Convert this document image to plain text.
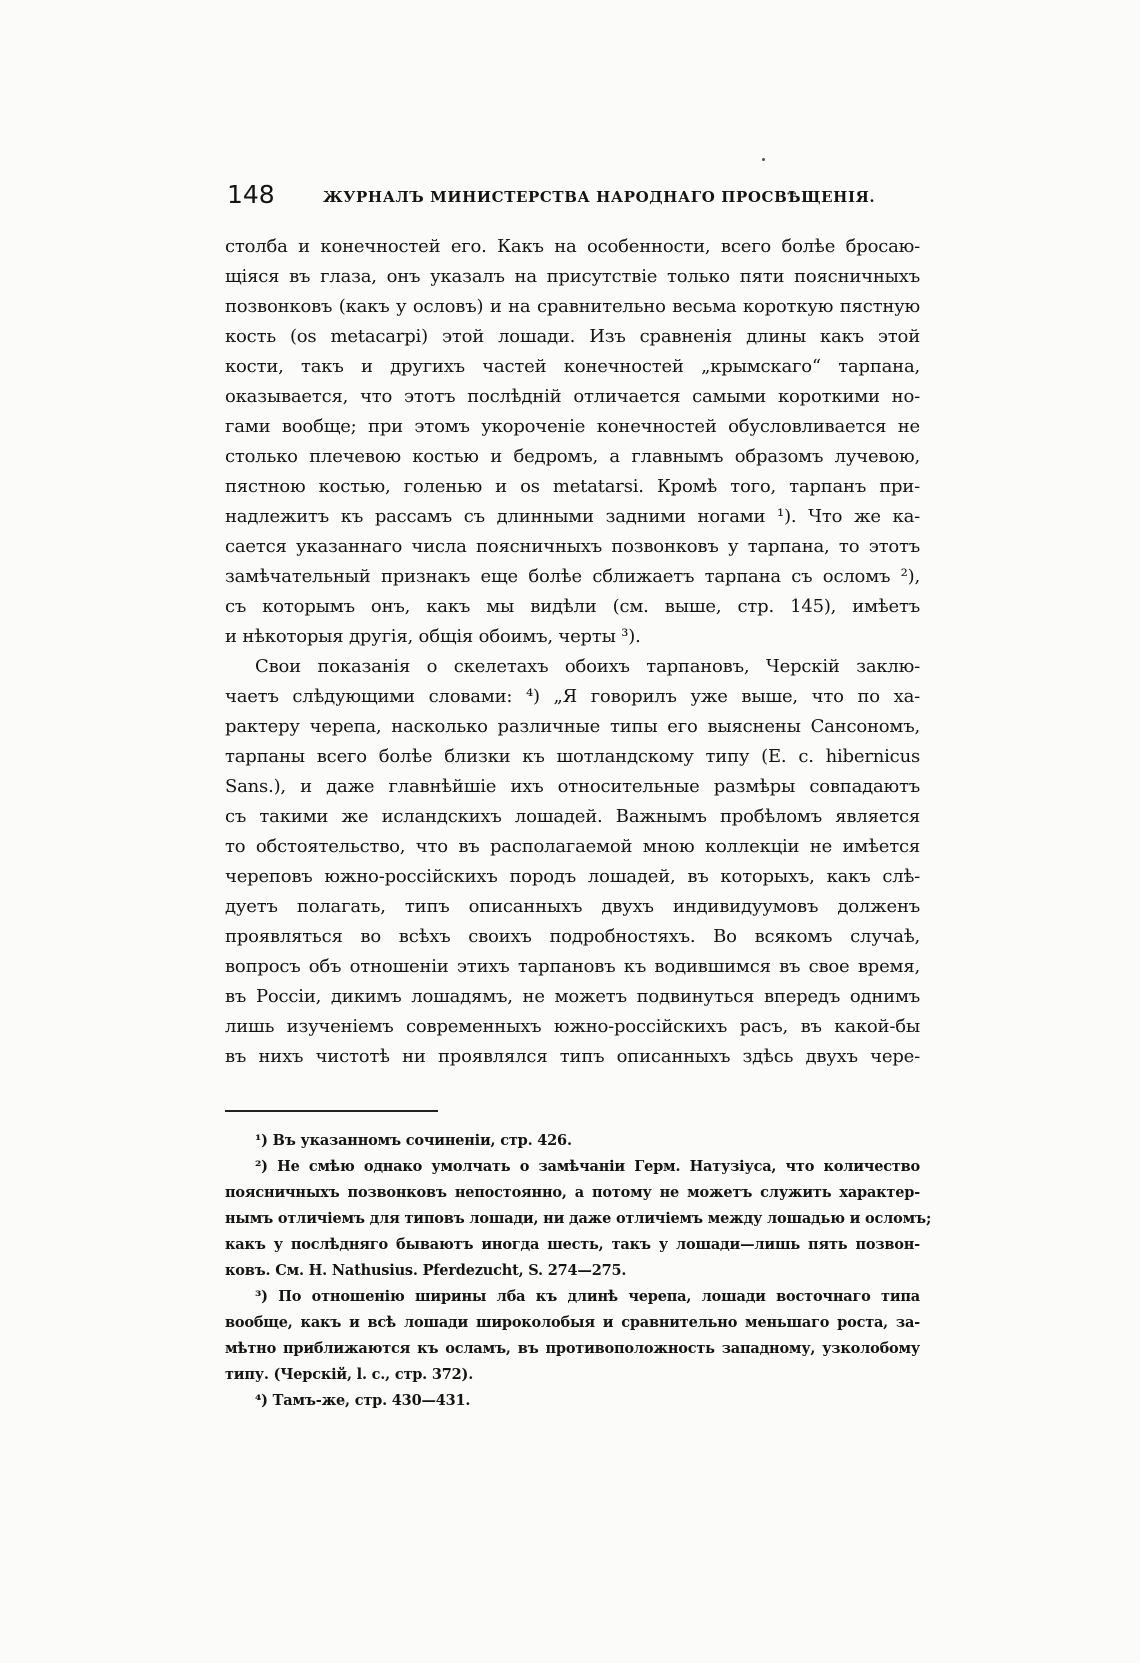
148	ЖУРНАЛЪ МИНИСТЕРСТВА НАРОДНАГО ПРОСВѢЩЕНІЯ.
столба и конечностей его. Какъ на особенности, всего болѣе бросаю-
щіяся въ глаза, онъ указалъ на присутствіе только пяти поясничныхъ
позвонковъ (какъ у ословъ) и на сравнительно весьма короткую пястную
кость (os metacarpi) этой лошади. Изъ сравненія длины какъ этой
кости, такъ и другихъ частей конечностей „крымскаго“ тарпана,
оказывается, что этотъ послѣдній отличается самыми короткими но-
гами вообще; при этомъ укороченіе конечностей обусловливается не
столько плечевою костью и бедромъ, а главнымъ образомъ лучевою,
пястною костью, голенью и os metatarsi. Кромѣ того, тарпанъ при-
надлежитъ къ рассамъ съ длинными задними ногами ¹). Что же ка-
сается указаннаго числа поясничныхъ позвонковъ у тарпана, то этотъ
замѣчательный признакъ еще болѣе сближаетъ тарпана съ осломъ ²),
съ которымъ онъ, какъ мы видѣли (см. выше, стр. 145), имѣетъ
и нѣкоторыя другія, общія обоимъ, черты ³).
Свои показанія о скелетахъ обоихъ тарпановъ, Черскій заклю-
чаетъ слѣдующими словами: ⁴) „Я говорилъ уже выше, что по ха-
рактеру черепа, насколько различные типы его выяснены Сансономъ,
тарпаны всего болѣе близки къ шотландскому типу (E. c. hibernicus
Sans.), и даже главнѣйшіе ихъ относительные размѣры совпадаютъ
съ такими же исландскихъ лошадей. Важнымъ пробѣломъ является
то обстоятельство, что въ располагаемой мною коллекціи не имѣется
череповъ южно-россійскихъ породъ лошадей, въ которыхъ, какъ слѣ-
дуетъ полагать, типъ описанныхъ двухъ индивидуумовъ долженъ
проявляться во всѣхъ своихъ подробностяхъ. Во всякомъ случаѣ,
вопросъ объ отношеніи этихъ тарпановъ къ водившимся въ свое время,
въ Россіи, дикимъ лошадямъ, не можетъ подвинуться впередъ однимъ
лишь изученіемъ современныхъ южно-россійскихъ расъ, въ какой-бы
въ нихъ чистотѣ ни проявлялся типъ описанныхъ здѣсь двухъ чере-
¹) Въ указанномъ сочиненіи, стр. 426.
²) Не смѣю однако умолчать о замѣчаніи Герм. Натузіуса, что количество
поясничныхъ позвонковъ непостоянно, а потому не можетъ служить характер-
нымъ отличіемъ для типовъ лошади, ни даже отличіемъ между лошадью и осломъ;
какъ у послѣдняго бываютъ иногда шесть, такъ у лошади—лишь пять позвон-
ковъ. См. H. Nathusius. Pferdezucht, S. 274—275.
³) По отношенію ширины лба къ длинѣ черепа, лошади восточнаго типа
вообще, какъ и всѣ лошади широколобыя и сравнительно меньшаго роста, за-
мѣтно приближаются къ осламъ, въ противоположность западному, узколобому
типу. (Черскій, l. c., стр. 372).
⁴) Тамъ-же, стр. 430—431.
